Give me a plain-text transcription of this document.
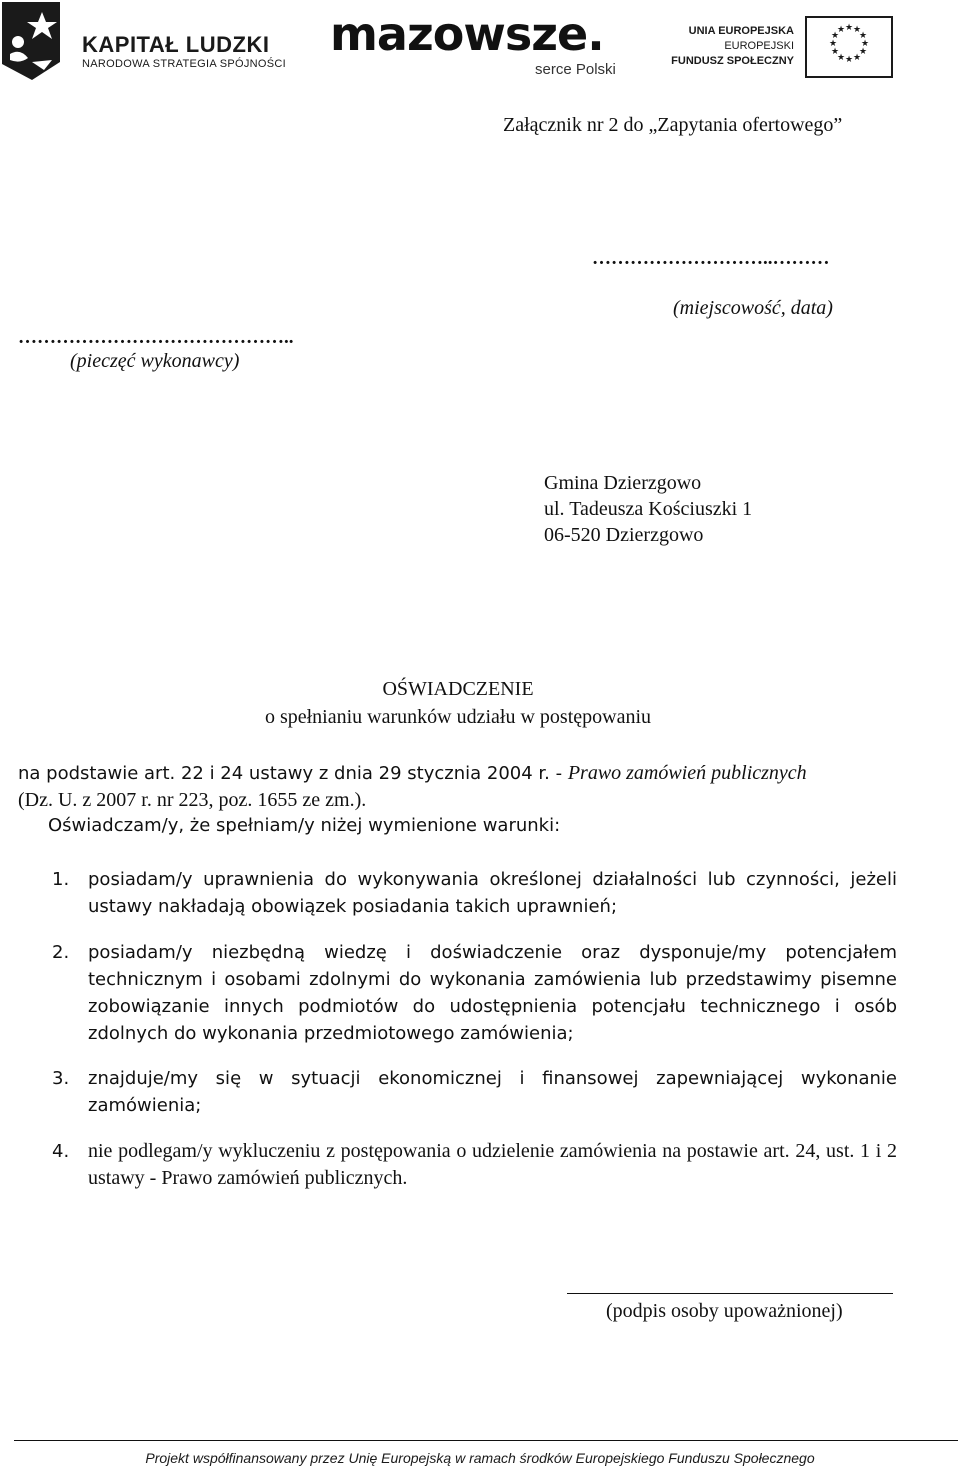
KAPITAŁ LUDZKI
NARODOWA STRATEGIA SPÓJNOŚCI
mazowsze.
serce Polski
UNIA EUROPEJSKA
EUROPEJSKI
FUNDUSZ SPOŁECZNY
★ ★
★
★
★
★
★
★
★
★
★
★
Załącznik nr 2 do „Zapytania ofertowego”
………………………..………
(miejscowość, data)
……………………………………..
(pieczęć wykonawcy)
Gmina Dzierzgowo
ul. Tadeusza Kościuszki 1
06-520 Dzierzgowo
OŚWIADCZENIE
o spełnianiu warunków udziału w postępowaniu
na podstawie art. 22 i 24 ustawy z dnia 29 stycznia 2004 r. - Prawo zamówień publicznych
(Dz. U. z 2007 r. nr 223, poz. 1655 ze zm.).
Oświadczam/y, że spełniam/y niżej wymienione warunki:
1. posiadam/y uprawnienia do wykonywania określonej działalności lub czynności, jeżeli ustawy nakładają obowiązek posiadania takich uprawnień;
2. posiadam/y niezbędną wiedzę i doświadczenie oraz dysponuje/my potencjałem technicznym i osobami zdolnymi do wykonania zamówienia lub przedstawimy pisemne zobowiązanie innych podmiotów do udostępnienia potencjału technicznego i osób zdolnych do wykonania przedmiotowego zamówienia;
3. znajduje/my się w sytuacji ekonomicznej i finansowej zapewniającej wykonanie zamówienia;
4. nie podlegam/y wykluczeniu z postępowania o udzielenie zamówienia na postawie art. 24, ust. 1 i 2 ustawy - Prawo zamówień publicznych.
(podpis osoby upoważnionej)
Projekt współfinansowany przez Unię Europejską w ramach środków Europejskiego Funduszu Społecznego
